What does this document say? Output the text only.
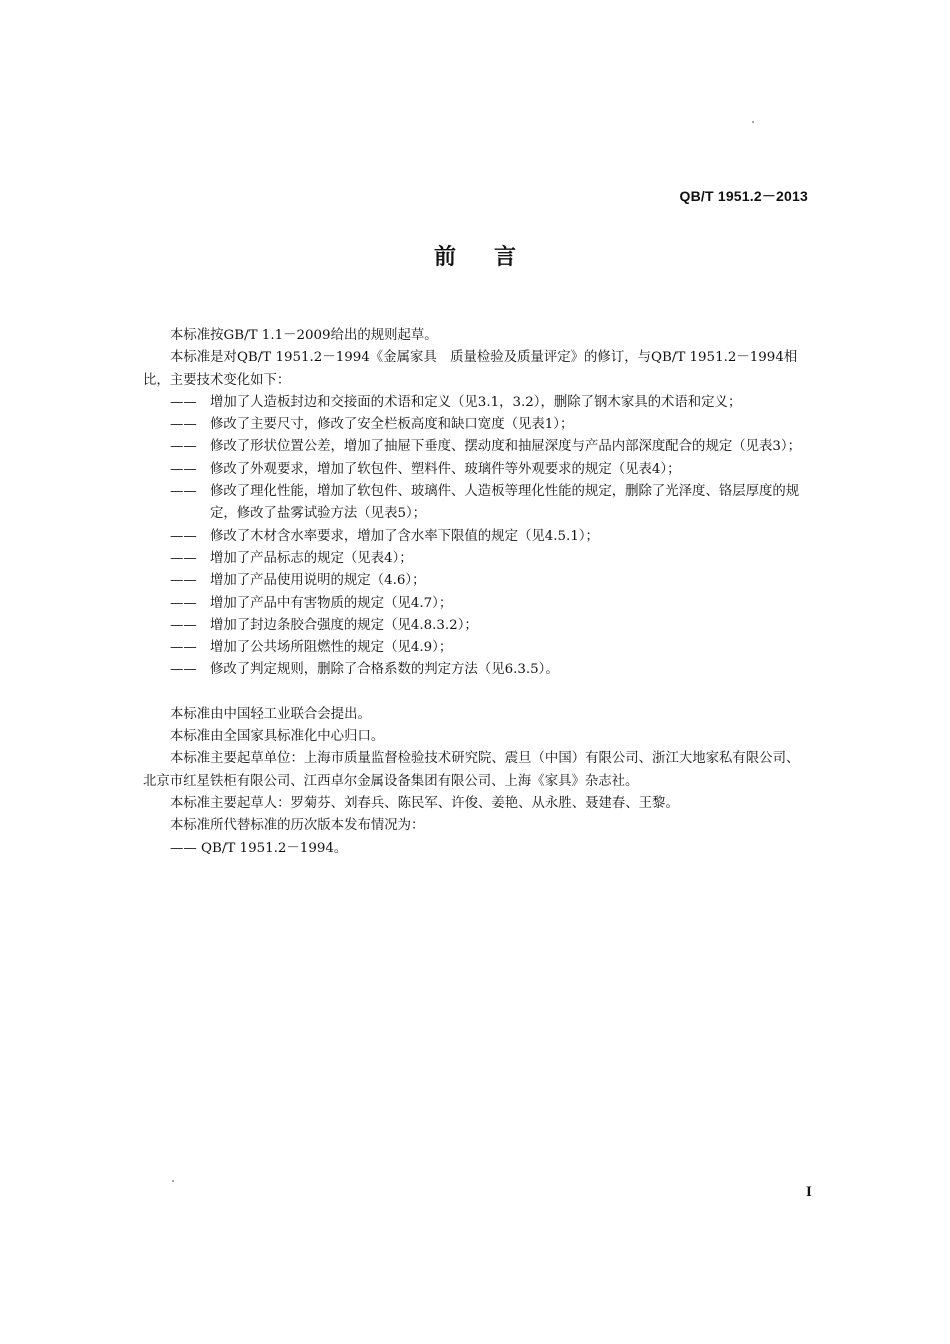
QB/T 1951.2－2013
前言
本标准按GB/T 1.1－2009给出的规则起草。
本标准是对QB/T 1951.2－1994《金属家具　质量检验及质量评定》的修订，与QB/T 1951.2－1994相比，主要技术变化如下：
—— 增加了人造板封边和交接面的术语和定义（见3.1，3.2），删除了钢木家具的术语和定义；
—— 修改了主要尺寸，修改了安全栏板高度和缺口宽度（见表1）；
—— 修改了形状位置公差，增加了抽屉下垂度、摆动度和抽屉深度与产品内部深度配合的规定（见表3）；
—— 修改了外观要求，增加了软包件、塑料件、玻璃件等外观要求的规定（见表4）；
—— 修改了理化性能，增加了软包件、玻璃件、人造板等理化性能的规定，删除了光泽度、铬层厚度的规定，修改了盐雾试验方法（见表5）；
—— 修改了木材含水率要求，增加了含水率下限值的规定（见4.5.1）；
—— 增加了产品标志的规定（见表4）；
—— 增加了产品使用说明的规定（4.6）；
—— 增加了产品中有害物质的规定（见4.7）；
—— 增加了封边条胶合强度的规定（见4.8.3.2）；
—— 增加了公共场所阻燃性的规定（见4.9）；
—— 修改了判定规则，删除了合格系数的判定方法（见6.3.5）。
本标准由中国轻工业联合会提出。
本标准由全国家具标准化中心归口。
本标准主要起草单位：上海市质量监督检验技术研究院、震旦（中国）有限公司、浙江大地家私有限公司、北京市红星铁柜有限公司、江西卓尔金属设备集团有限公司、上海《家具》杂志社。
本标准主要起草人：罗菊芬、刘春兵、陈民军、许俊、姜艳、从永胜、聂建春、王黎。
本标准所代替标准的历次版本发布情况为：
—— QB/T 1951.2－1994。
I
